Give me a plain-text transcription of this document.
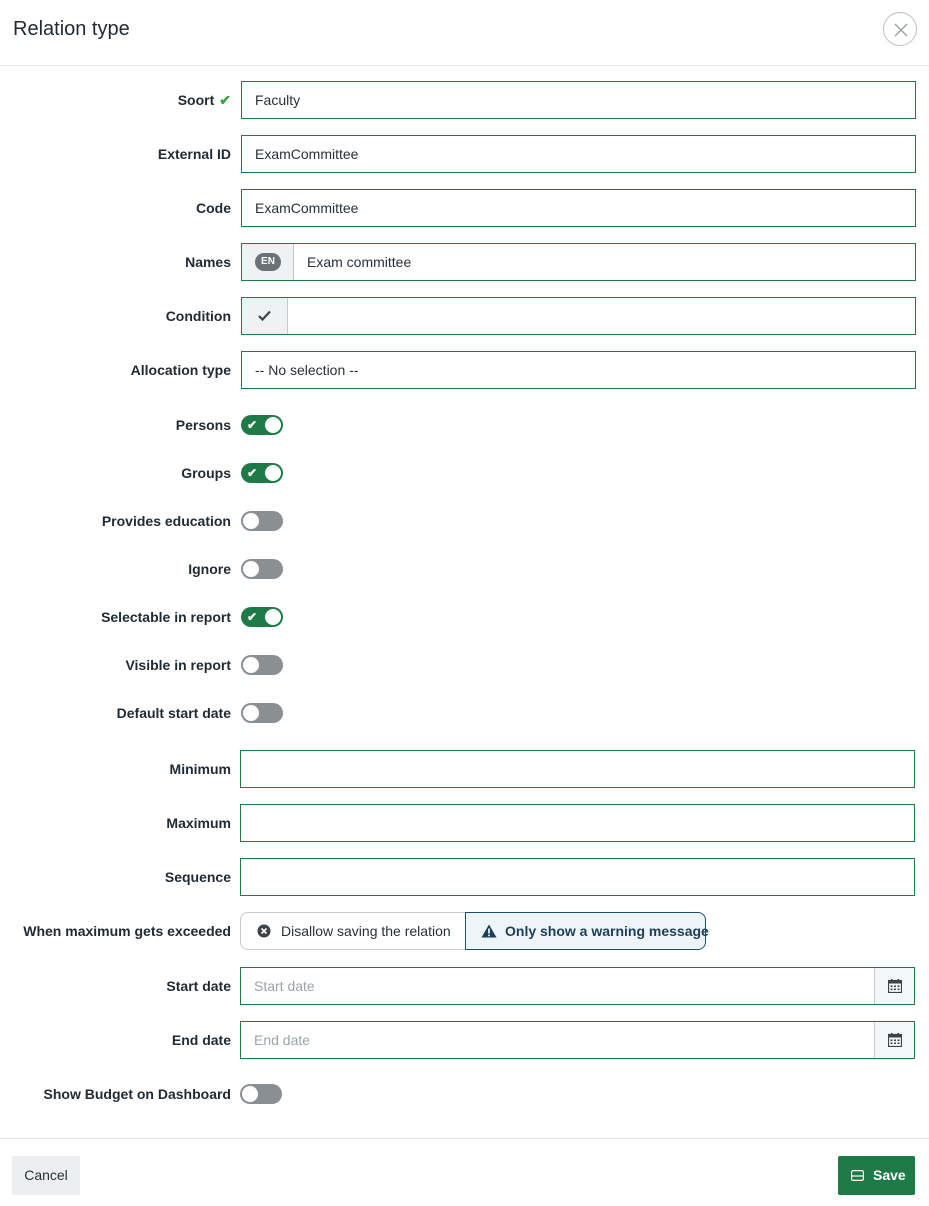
Relation type
Soort ✔ Faculty
External ID ExamCommittee
Code ExamCommittee
Names	EN	Exam committee
Condition
Allocation type -- No selection --
Persons ✔
Groups ✔
Provides education
Ignore
Selectable in report ✔
Visible in report
Default start date
Minimum
Maximum
Sequence
When maximum gets exceeded	Disallow saving the relation	Only show a warning message
Start date Start date
End date End date
Show Budget on Dashboard
Cancel	Save
